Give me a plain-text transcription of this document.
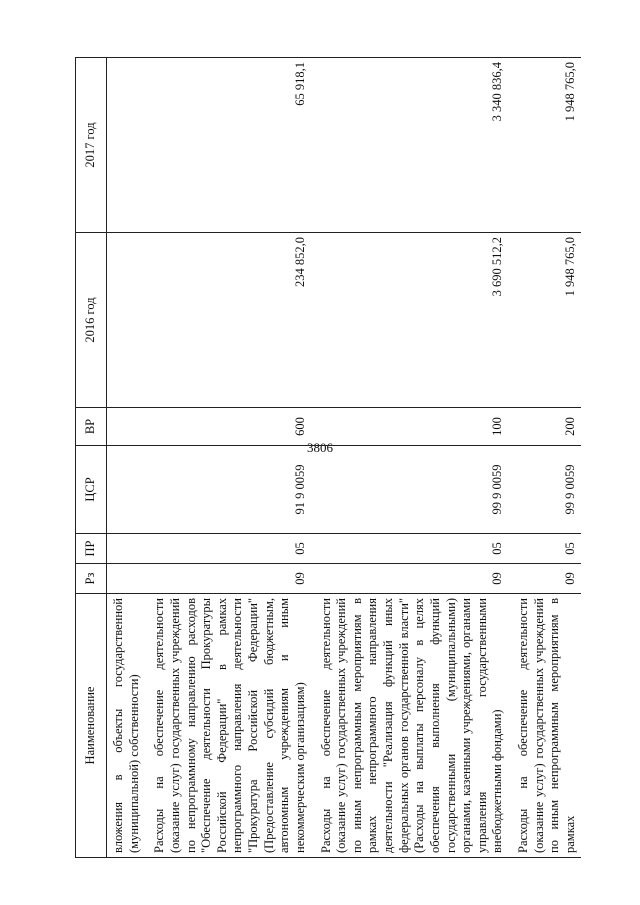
3806
Наименование	Рз	ПР	ЦСР	ВР	2016 год	2017 год
вложения в объекты государственной (муниципальной) собственности)						
Расходы на обеспечение деятельности (оказание услуг) государственных учреждений по непрограммному направлению расходов "Обеспечение деятельности Прокуратуры Российской Федерации" в рамках непрограммного направления деятельности "Прокуратура Российской Федерации" (Предоставление субсидий бюджетным, автономным учреждениям и иным некоммерческим организациям)	09	05	91 9 0059	600	234 852,0	65 918,1
Расходы на обеспечение деятельности (оказание услуг) государственных учреждений по иным непрограммным мероприятиям в рамках непрограммного направления деятельности "Реализация функций иных федеральных органов государственной власти" (Расходы на выплаты персоналу в целях обеспечения выполнения функций государственными (муниципальными) органами, казенными учреждениями, органами управления государственными внебюджетными фондами)	09	05	99 9 0059	100	3 690 512,2	3 340 836,4
Расходы на обеспечение деятельности (оказание услуг) государственных учреждений по иным непрограммным мероприятиям в рамках	09	05	99 9 0059	200	1 948 765,0	1 948 765,0
